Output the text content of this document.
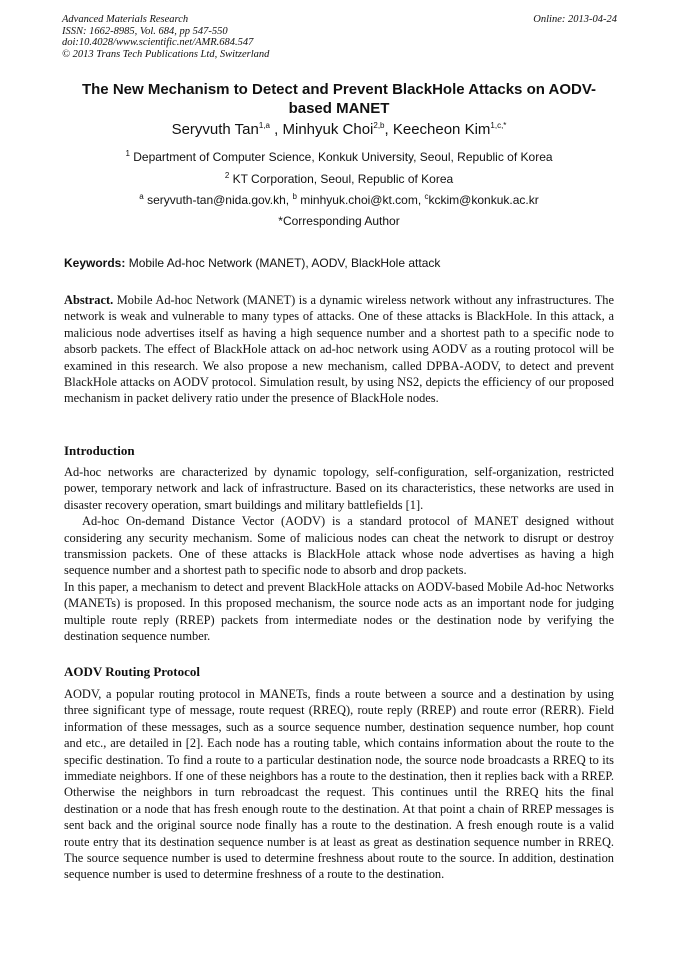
Advanced Materials Research
ISSN: 1662-8985, Vol. 684, pp 547-550
doi:10.4028/www.scientific.net/AMR.684.547
© 2013 Trans Tech Publications Ltd, Switzerland
Online: 2013-04-24
The New Mechanism to Detect and Prevent BlackHole Attacks on AODV-based MANET
Seryvuth Tan$^{1,a}$ , Minhyuk Choi$^{2,b}$, Keecheon Kim$^{1,c,*}$
$^1$ Department of Computer Science, Konkuk University, Seoul, Republic of Korea
$^2$ KT Corporation, Seoul, Republic of Korea
$^a$ seryvuth-tan@nida.gov.kh, $^b$ minhyuk.choi@kt.com, $^c$kckim@konkuk.ac.kr
*Corresponding Author
Keywords: Mobile Ad-hoc Network (MANET), AODV, BlackHole attack

Abstract. Mobile Ad-hoc Network (MANET) is a dynamic wireless network without any infrastructures. The network is weak and vulnerable to many types of attacks. One of these attacks is BlackHole. In this attack, a malicious node advertises itself as having a high sequence number and a shortest path to a specific node to absorb packets. The effect of BlackHole attack on ad-hoc network using AODV as a routing protocol will be examined in this research. We also propose a new mechanism, called DPBA-AODV, to detect and prevent BlackHole attacks on AODV protocol. Simulation result, by using NS2, depicts the efficiency of our proposed mechanism in packet delivery ratio under the presence of BlackHole nodes.

Introduction

Ad-hoc networks are characterized by dynamic topology, self-configuration, self-organization, restricted power, temporary network and lack of infrastructure. Based on its characteristics, these networks are used in disaster recovery operation, smart buildings and military battlefields [1].

Ad-hoc On-demand Distance Vector (AODV) is a standard protocol of MANET designed without considering any security mechanism. Some of malicious nodes can cheat the network to disrupt or destroy transmission packets. One of these attacks is BlackHole attack whose node advertises as having a high sequence number and a shortest path to specific node to absorb and drop packets.

In this paper, a mechanism to detect and prevent BlackHole attacks on AODV-based Mobile Ad-hoc Networks (MANETs) is proposed. In this proposed mechanism, the source node acts as an important node for judging multiple route reply (RREP) packets from intermediate nodes or the destination node by verifying the destination sequence number.

AODV Routing Protocol

AODV, a popular routing protocol in MANETs, finds a route between a source and a destination by using three significant type of message, route request (RREQ), route reply (RREP) and route error (RERR). Field information of these messages, such as a source sequence number, destination sequence number, hop count and etc., are detailed in [2]. Each node has a routing table, which contains information about the route to the specific destination. To find a route to a particular destination node, the source node broadcasts a RREQ to its immediate neighbors. If one of these neighbors has a route to the destination, then it replies back with a RREP. Otherwise the neighbors in turn rebroadcast the request. This continues until the RREQ hits the final destination or a node that has fresh enough route to the destination. At that point a chain of RREP messages is sent back and the original source node finally has a route to the destination. A fresh enough route is a valid route entry that its destination sequence number is at least as great as destination sequence number in RREQ. The source sequence number is used to determine freshness about route to the source. In addition, destination sequence number is used to determine freshness of a route to the destination.
